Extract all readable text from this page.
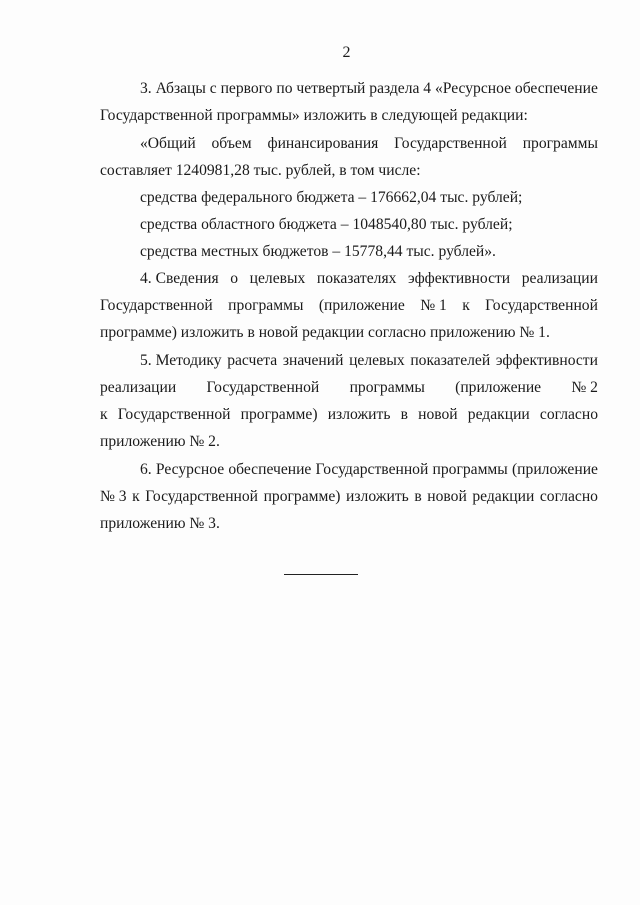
2
3. Абзацы с первого по четвертый раздела 4 «Ресурсное обеспечение
Государственной программы» изложить в следующей редакции:
«Общий объем финансирования Государственной программы
составляет 1240981,28 тыс. рублей, в том числе:
средства федерального бюджета – 176662,04 тыс. рублей;
средства областного бюджета – 1048540,80 тыс. рублей;
средства местных бюджетов – 15778,44 тыс. рублей».
4. Сведения о целевых показателях эффективности реализации
Государственной программы (приложение № 1 к Государственной
программе) изложить в новой редакции согласно приложению № 1.
5. Методику расчета значений целевых показателей эффективности
реализации Государственной программы (приложение № 2
к Государственной программе) изложить в новой редакции согласно
приложению № 2.
6. Ресурсное обеспечение Государственной программы (приложение
№ 3 к Государственной программе) изложить в новой редакции согласно
приложению № 3.
